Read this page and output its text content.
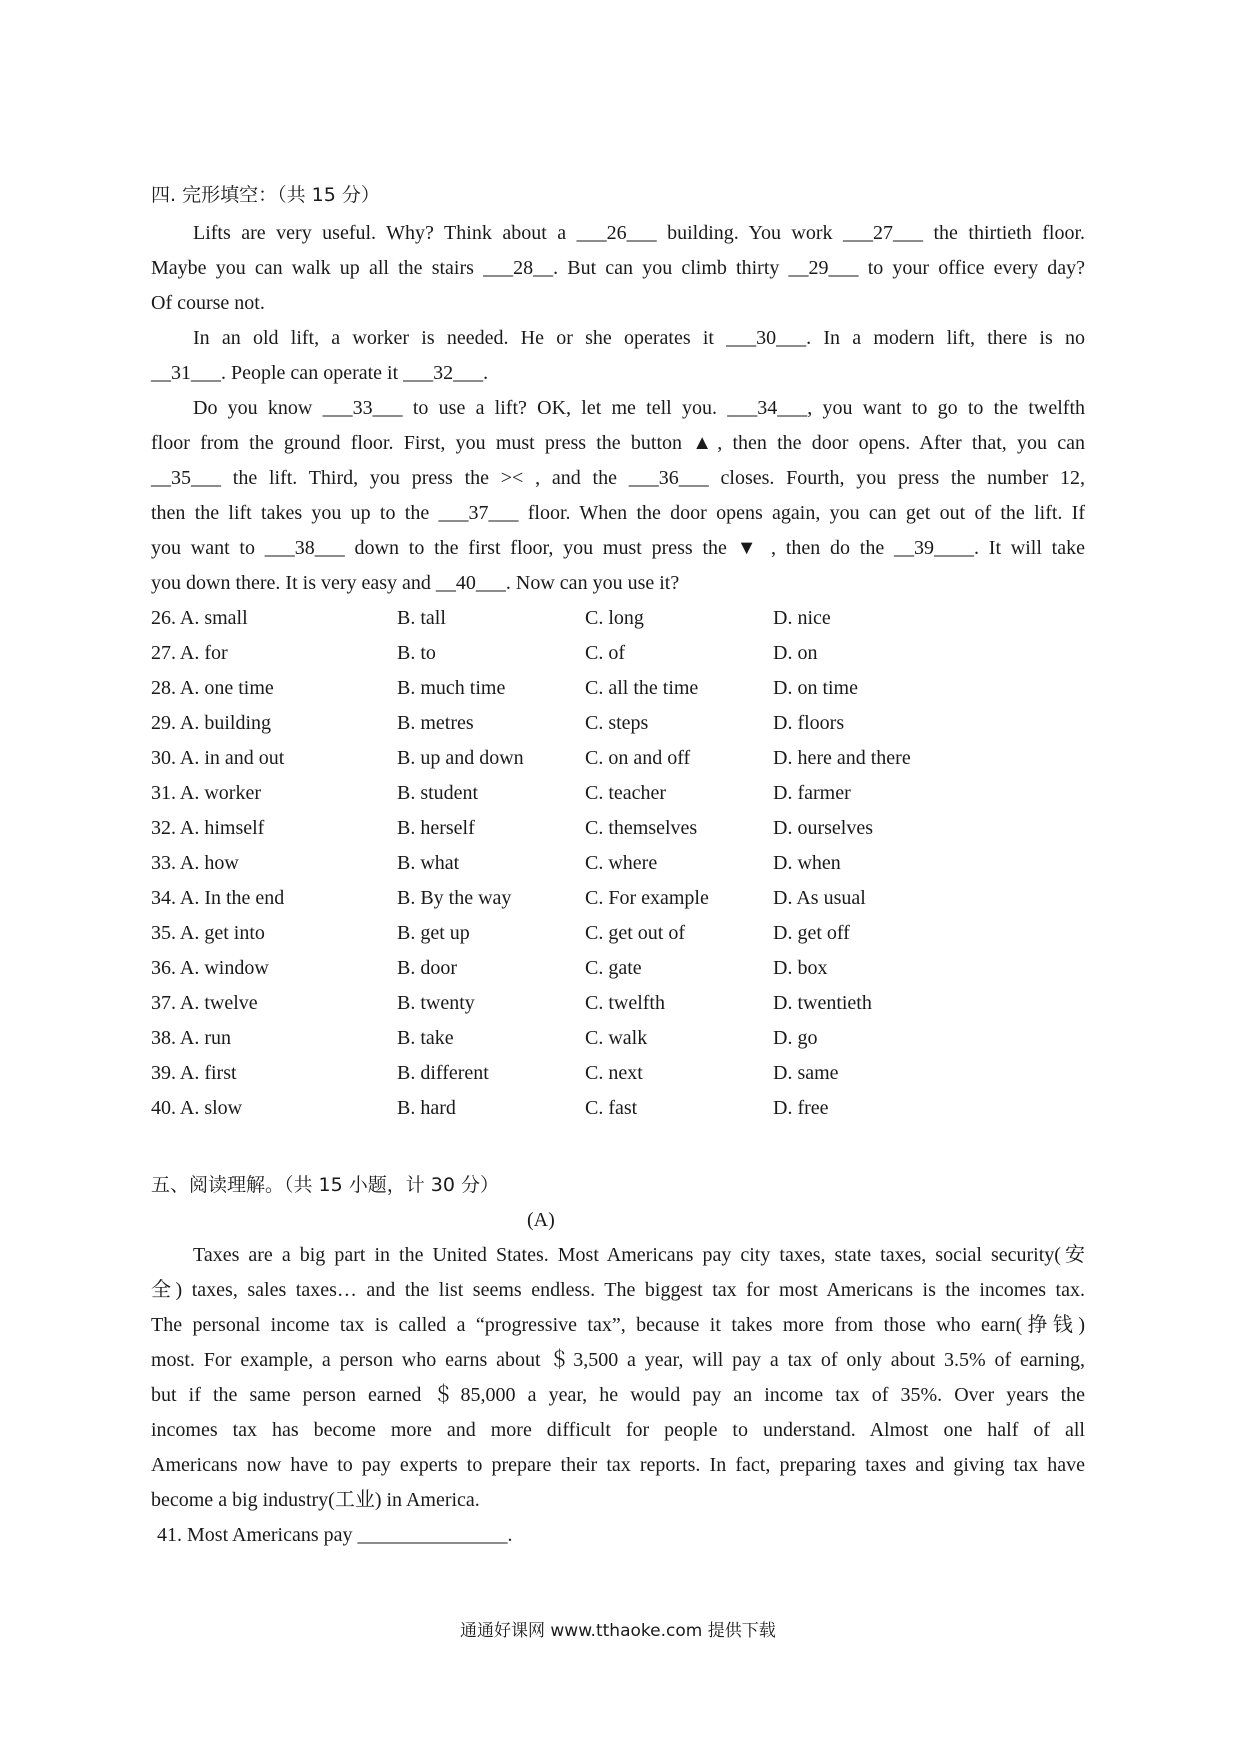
四. 完形填空：（共 15 分）
Lifts are very useful. Why? Think about a ___26___ building. You work ___27___ the thirtieth floor.
Maybe you can walk up all the stairs ___28__. But can you climb thirty __29___ to your office every day?
Of course not.
In an old lift, a worker is needed. He or she operates it ___30___. In a modern lift, there is no
__31___. People can operate it ___32___.
Do you know ___33___ to use a lift? OK, let me tell you. ___34___, you want to go to the twelfth
floor from the ground floor. First, you must press the button ▲, then the door opens. After that, you can
__35___ the lift. Third, you press the >< , and the ___36___ closes. Fourth, you press the number 12,
then the lift takes you up to the ___37___ floor. When the door opens again, you can get out of the lift. If
you want to ___38___ down to the first floor, you must press the ▼ , then do the __39____. It will take
you down there. It is very easy and __40___. Now can you use it?
26. A. small	B. tall	C. long	D. nice
27. A. for	B. to	C. of	D. on
28. A. one time	B. much time	C. all the time	D. on time
29. A. building	B. metres	C. steps	D. floors
30. A. in and out	B. up and down	C. on and off	D. here and there
31. A. worker	B. student	C. teacher	D. farmer
32. A. himself	B. herself	C. themselves	D. ourselves
33. A. how	B. what	C. where	D. when
34. A. In the end	B. By the way	C. For example	D. As usual
35. A. get into	B. get up	C. get out of	D. get off
36. A. window	B. door	C. gate	D. box
37. A. twelve	B. twenty	C. twelfth	D. twentieth
38. A. run	B. take	C. walk	D. go
39. A. first	B. different	C. next	D. same
40. A. slow	B. hard	C. fast	D. free
五、阅读理解。（共 15 小题，计 30 分）
(A)
Taxes are a big part in the United States. Most Americans pay city taxes, state taxes, social security(安
全) taxes, sales taxes… and the list seems endless. The biggest tax for most Americans is the incomes tax.
The personal income tax is called a “progressive tax”, because it takes more from those who earn(挣钱)
most. For example, a person who earns about ＄3,500 a year, will pay a tax of only about 3.5% of earning,
but if the same person earned ＄85,000 a year, he would pay an income tax of 35%. Over years the
incomes tax has become more and more difficult for people to understand. Almost one half of all
Americans now have to pay experts to prepare their tax reports. In fact, preparing taxes and giving tax have
become a big industry(工业) in America.
41. Most Americans pay _______________.
通通好课网 www.tthaoke.com 提供下载
